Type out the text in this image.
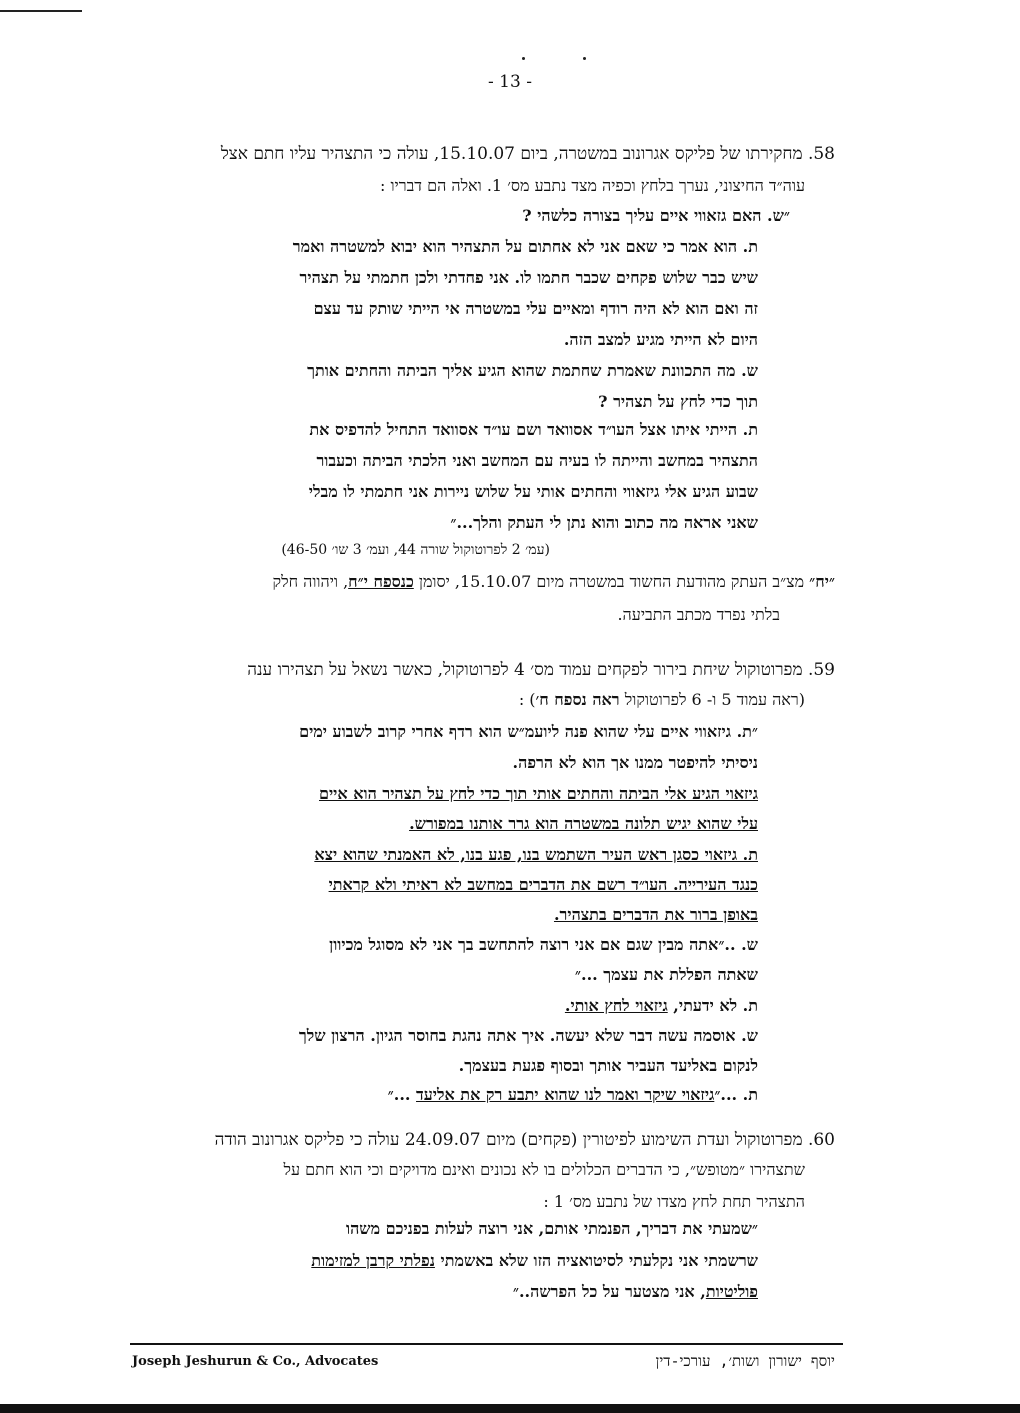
- 13 -
58. מחקירתו של פליקס אגרונוב במשטרה, ביום 15.10.07, עולה כי התצהיר עליו חתם אצל
עוה״ד החיצוני, נערך בלחץ וכפיה מצד נתבע מס׳ 1. ואלה הם דבריו :
״ש. האם גזאווי איים עליך בצורה כלשהי ?
ת. הוא אמר כי שאם אני לא אחתום על התצהיר הוא יבוא למשטרה ואמר
שיש כבר שלוש פקחים שכבר חתמו לו. אני פחדתי ולכן חתמתי על תצהיר
זה ואם הוא לא היה רודף ומאיים עלי במשטרה אי הייתי שותק עד עצם
היום לא הייתי מגיע למצב הזה.
ש. מה התכוונת שאמרת שחתמת שהוא הגיע אליך הביתה והחתים אותך
תוך כדי לחץ על תצהיר ?
ת. הייתי איתו אצל העו״ד אסוואד ושם עו״ד אסוואד התחיל להדפיס את
התצהיר במחשב והייתה לו בעיה עם המחשב ואני הלכתי הביתה וכעבור
שבוע הגיע אלי גיזאווי והחתים אותי על שלוש ניירות אני חתמתי לו מבלי
שאני אראה מה כתוב והוא נתן לי העתק והלך...״
(עמ׳ 2 לפרוטוקול שורה 44, ועמ׳ 3 שו׳ 46-50)
״יח״ מצ״ב העתק מהודעת החשוד במשטרה מיום 15.10.07, יסומן כנספח י״ח, ויהווה חלק
בלתי נפרד מכתב התביעה.
59. מפרוטוקול שיחת בירור לפקחים עמוד מס׳ 4 לפרוטוקול, כאשר נשאל על תצהירו ענה
(ראה עמוד 5 ו- 6 לפרוטוקול ראה נספח ח׳) :
״ת. גיזאווי איים עלי שהוא פנה ליועמ״ש הוא רדף אחרי קרוב לשבוע ימים
ניסיתי להיפטר ממנו אך הוא לא הרפה.
גיזאוי הגיע אלי הביתה והחתים אותי תוך כדי לחץ על תצהיר הוא איים
עלי שהוא יגיש תלונה במשטרה הוא גרר אותנו במפורש.
ת. גיזאוי כסגן ראש העיר השתמש בנו, פגע בנו, לא האמנתי שהוא יצא
כנגד העירייה. העו״ד רשם את הדברים במחשב לא ראיתי ולא קראתי
באופן ברור את הדברים בתצהיר.
ש. ..״אתה מבין שגם אם אני רוצה להתחשב בך אני לא מסוגל מכיוון
שאתה הפללת את עצמך ...״
ת. לא ידעתי, גיזאוי לחץ אותי.
ש. אוסמה עשה דבר שלא יעשה. איך אתה נהגת בחוסר הגיון. הרצון שלך
לנקום באליעד העביר אותך ובסוף פגעת בעצמך.
ת. ...״גיזאוי שיקר ואמר לנו שהוא יתבע רק את אליעד ...״
60. מפרוטוקול ועדת השימוע לפיטורין (פקחים) מיום 24.09.07 עולה כי פליקס אגרונוב הודה
שתצהירו ״מטופש״, כי הדברים הכלולים בו לא נכונים ואינם מדויקים וכי הוא חתם על
התצהיר תחת לחץ מצדו של נתבע מס׳ 1 :
״שמעתי את דבריך, הפנמתי אותם, אני רוצה לעלות בפניכם משהו
שרשמתי אני נקלעתי לסיטואציה הזו שלא באשמתי נפלתי קרבן למזימות
פוליטיות, אני מצטער על כל הפרשה..״
Joseph Jeshurun & Co., Advocates	יוסף ישורון ושות׳, עורכי-דין
